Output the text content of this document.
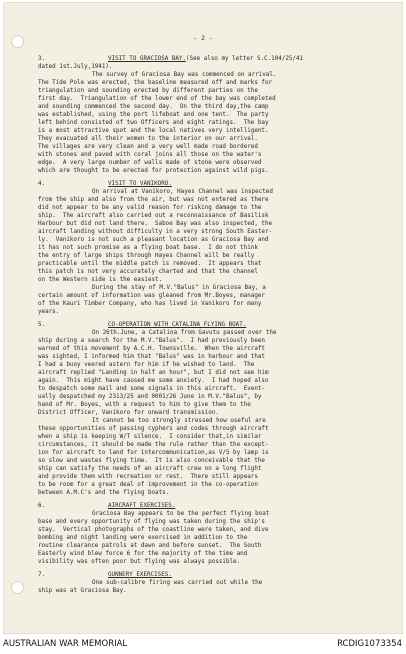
- 2 -
3.	VISIT TO GRACIOSA BAY.(See also my letter S.C.104/25/41
dated 1st.July,1941).
The survey of Graciosa Bay was commenced on arrival.
The Tide Pole was erected, the baseline measured off and marks for
triangulation and sounding erected by different parties on the
first day.  Triangulation of the lower end of the bay was completed
and sounding commenced the second day.  On the third day,the camp
was established, using the port lifeboat and one tent.  The party
left behind consisted of two Officers and eight ratings.  The bay
is a most attractive spot and the local natives very intelligent.
They evacuated all their women to the interior on our arrival.
The villages are very clean and a very well made road bordered
with stones and paved with coral joins all those on the water's
edge.  A very large number of walls made of stone were observed
which are thought to be erected for protection against wild pigs.
4.	VISIT TO VANIKORO.
On arrival at Vanikoro, Hayes Channel was inspected
from the ship and also from the air, but was not entered as there
did not appear to be any valid reason for risking damage to the
ship.  The aircraft also carried out a reconnaissance of Basilisk
Harbour but did not land there.  Saboe Bay was also inspected, the
aircraft landing without difficulty in a very strong South Easter-
ly.  Vanikoro is not such a pleasant location as Graciosa Bay and
it has not such promise as a flying boat base.  I do not think
the entry of large ships through Hayes Channel will be really
practicable until the middle patch is removed.  It appears that
this patch is not very accurately charted and that the channel
on the Western side is the easiest.
During the stay of M.V."Balus" in Graciosa Bay, a
certain amount of information was gleaned from Mr.Boyes, manager
of the Kauri Timber Company, who has lived in Vanikoro for many
years.
5.	CO-OPERATION WITH CATALINA FLYING BOAT.
On 26th.June, a Catalina from Gavutu passed over the
ship during a search for the M.V."Balus".  I had previously been
warned of this movement by A.C.H. Townsville.  When the aircraft
was sighted, I informed him that "Balus" was in harbour and that
I had a buoy veered astern for him if he wished to land.  The
aircraft replied "Landing in half an hour", but I did not see him
again.  This might have caused me some anxiety.  I had hoped also
to despatch some mail and some signals in this aircraft.  Event-
ually despatched my 2313/25 and 0001/26 June in M.V."Balus", by
hand of Mr. Boyes, with a request to him to give them to the
District Officer, Vanikoro for onward transmission.
It cannot be too strongly stressed how useful are
these opportunities of passing cyphers and codes through aircraft
when a ship is keeping W/T silence.  I consider that,in similar
circumstances, it should be made the rule rather than the except-
ion for aircraft to land for intercommunication,as V/S by lamp is
so slow and wastes flying time.  It is also conceivable that the
ship can satisfy the needs of an aircraft crew on a long flight
and provide them with recreation or rest.  There still appears
to be room for a great deal of improvement in the co-operation
between A.M.C's and the flying boats.
6.	AIRCRAFT EXERCISES.
Graciosa Bay appears to be the perfect flying boat
base and every opportunity of flying was taken during the ship's
stay.  Vertical photographs of the coastline were taken, and dive
bombing and night landing were exercised in addition to the
routine clearance patrols at dawn and before sunset.  The South
Easterly wind blew force 6 for the majority of the time and
visibility was often poor but flying was always possible.
7.	GUNNERY EXERCISES.
One sub-calibre firing was carried out while the
ship was at Graciosa Bay.
AUSTRALIAN WAR MEMORIAL	RCDIG1073354
